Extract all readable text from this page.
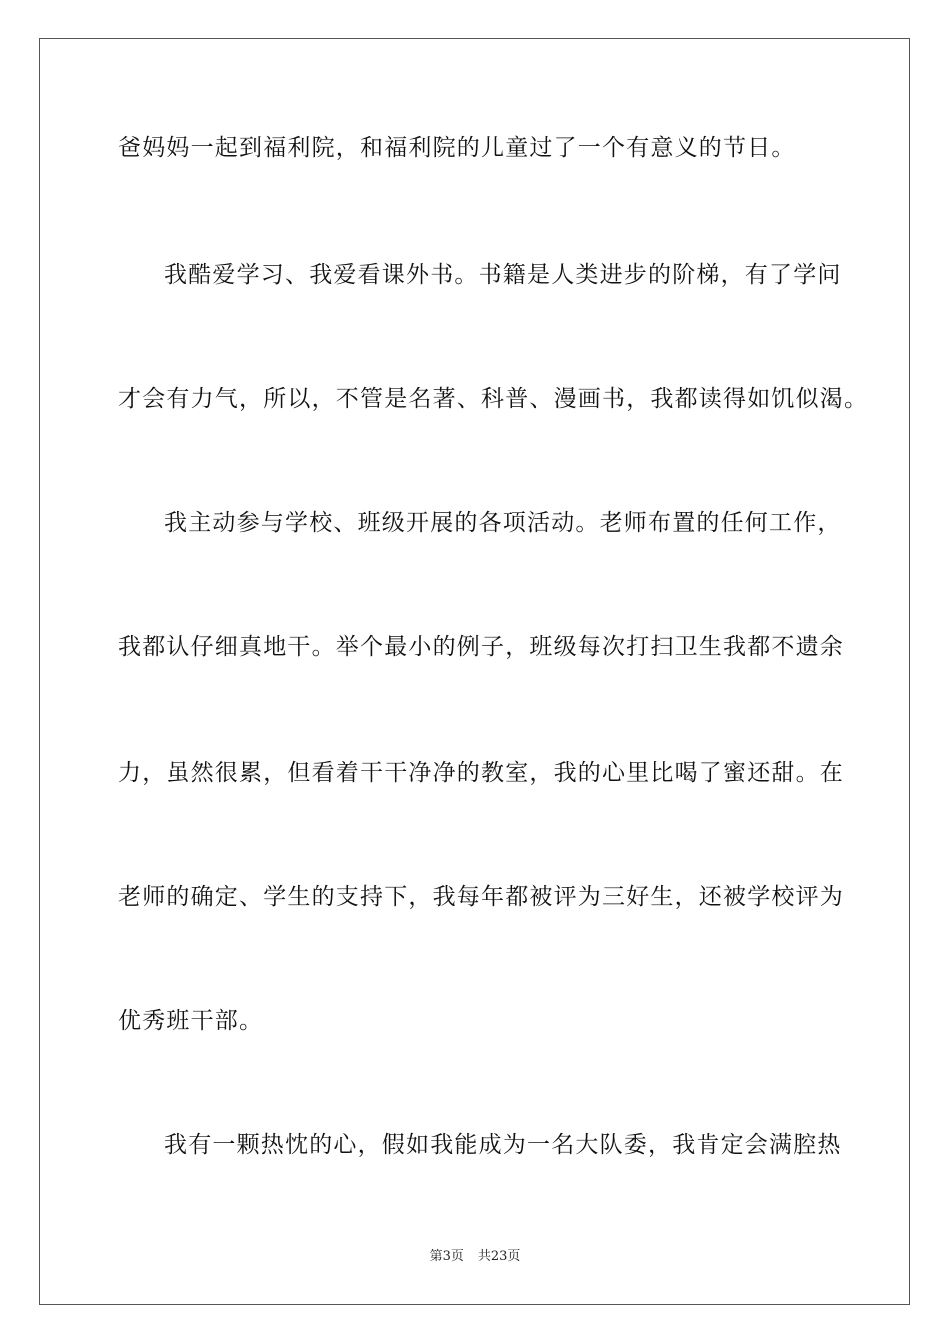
爸妈妈一起到福利院，和福利院的儿童过了一个有意义的节日。
我酷爱学习、我爱看课外书。书籍是人类进步的阶梯，有了学问
才会有力气，所以，不管是名著、科普、漫画书，我都读得如饥似渴。
我主动参与学校、班级开展的各项活动。老师布置的任何工作，
我都认仔细真地干。举个最小的例子，班级每次打扫卫生我都不遗余
力，虽然很累，但看着干干净净的教室，我的心里比喝了蜜还甜。在
老师的确定、学生的支持下，我每年都被评为三好生，还被学校评为
优秀班干部。
我有一颗热忱的心，假如我能成为一名大队委，我肯定会满腔热
第3页 共23页
